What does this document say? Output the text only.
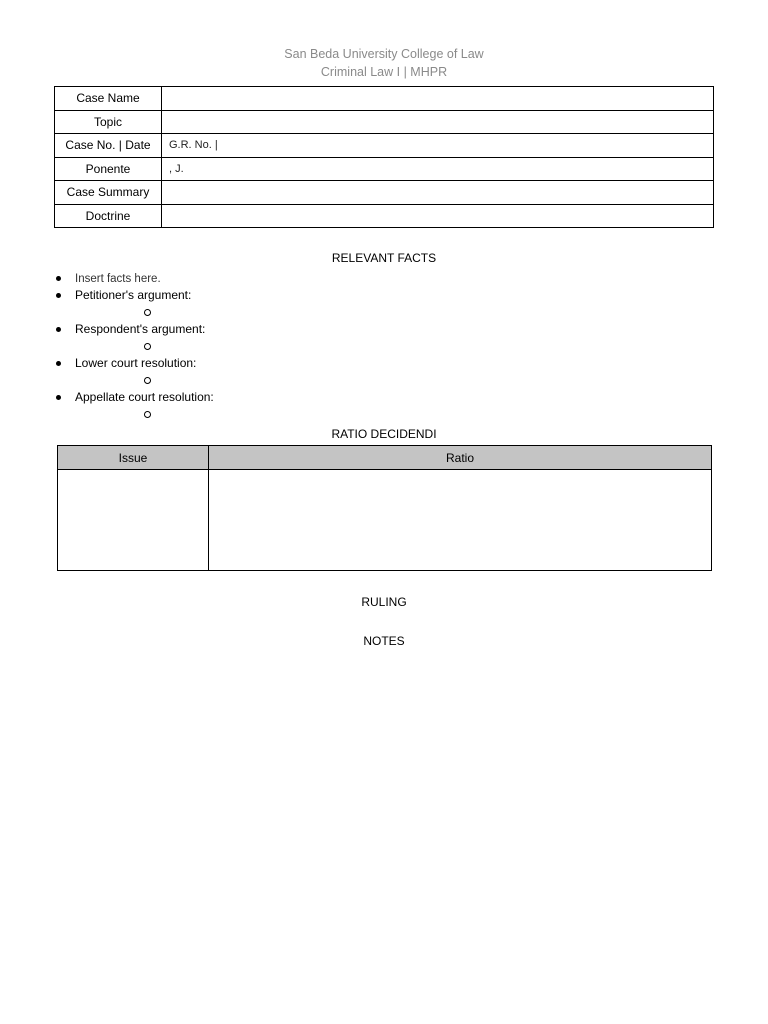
San Beda University College of Law
Criminal Law I | MHPR
Case Name	
Topic	
Case No. | Date	G.R. No. |
Ponente	, J.
Case Summary	
Doctrine	
RELEVANT FACTS
Insert facts here.
Petitioner's argument:
Respondent's argument:
Lower court resolution:
Appellate court resolution:
RATIO DECIDENDI
Issue	Ratio

RULING
NOTES
